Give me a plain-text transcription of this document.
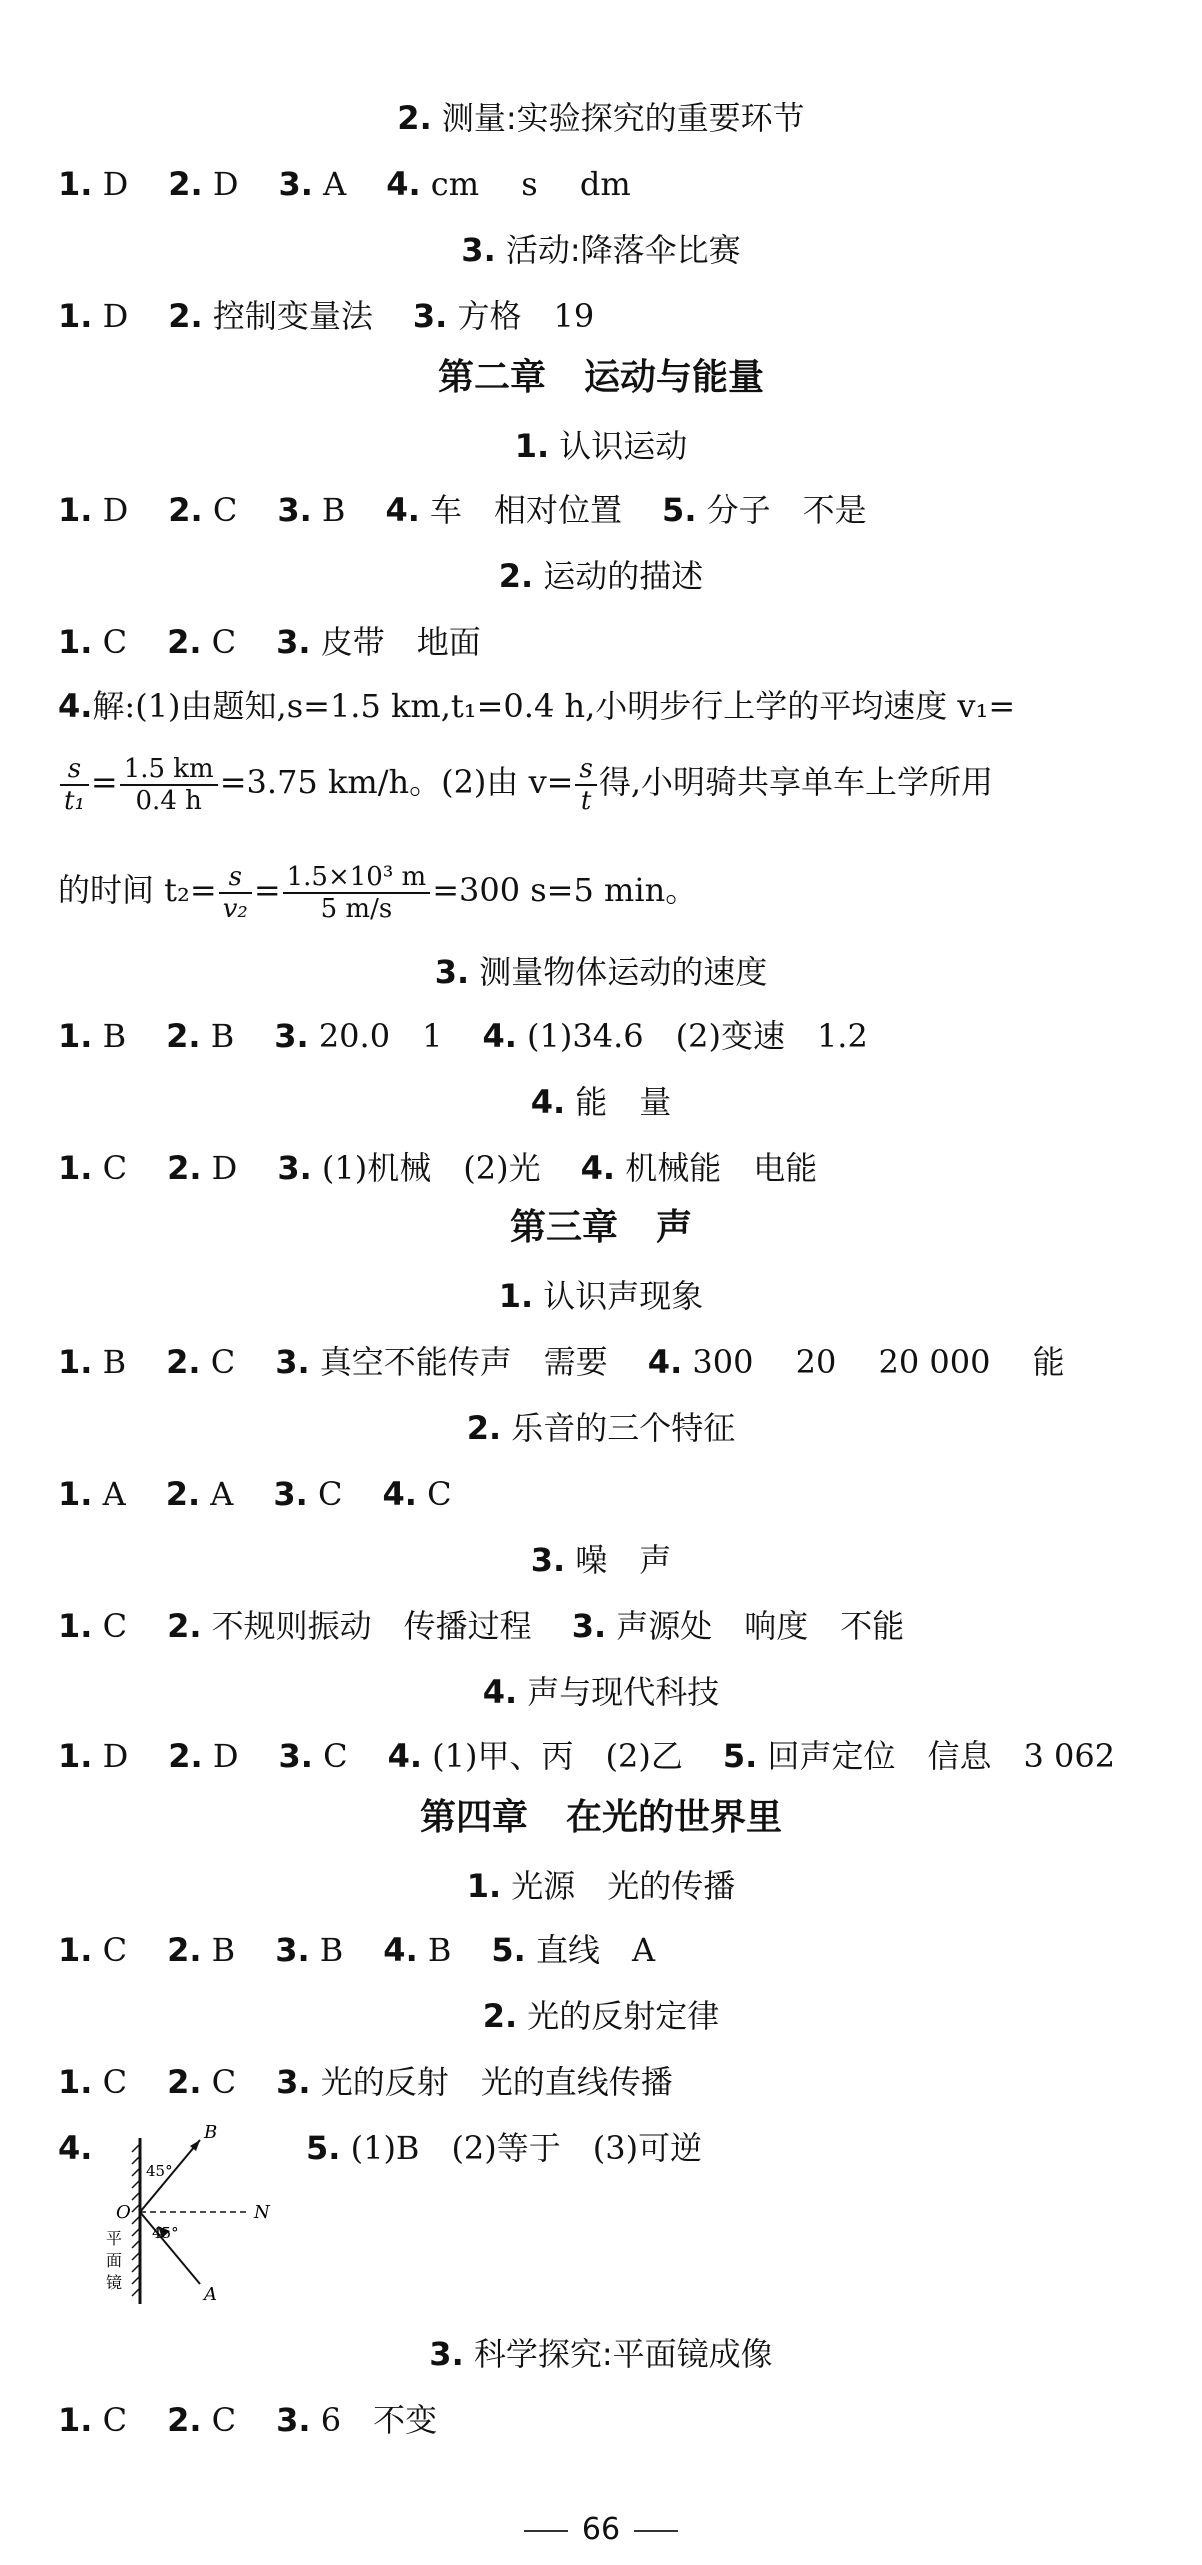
2. 测量:实验探究的重要环节
1. D 2. D 3. A 4. cm　 s　 dm
3. 活动:降落伞比赛
1. D 2. 控制变量法 3. 方格　19
第二章 运动与能量
1. 认识运动
1. D 2. C 3. B 4. 车　相对位置 5. 分子　不是
2. 运动的描述
1. C 2. C 3. 皮带　地面
4.解:(1)由题知,s=1.5 km,t₁=0.4 h,小明步行上学的平均速度 v₁=
$\frac{s}{\text{t₁}} = \frac{1.5 km}{0.4 h} =3.75$ km/h。(2)由 $v= \frac{s}{t}$ 得,小明骑共享单车上学所用
的时间 $t_2= \frac{s}{\text{v₂}} = \frac{\text{1.5×10³ m}}{5 m/s} =300$ s=5 min。
3. 测量物体运动的速度
1. B 2. B 3. 20.0　1 4. (1)34.6　(2)变速　1.2
4. 能　量
1. C 2. D 3. (1)机械　(2)光 4. 机械能　电能
第三章 声
1. 认识声现象
1. B 2. C 3. 真空不能传声　需要 4. 300　 20　 20 000　 能
2. 乐音的三个特征
1. A 2. A 3. C 4. C
3. 噪　声
1. C 2. 不规则振动　传播过程 3. 声源处　响度　不能
4. 声与现代科技
1. D 2. D 3. C 4. (1)甲、丙　(2)乙 5. 回声定位　信息　3 062
第四章 在光的世界里
1. 光源　光的传播
1. C 2. B 3. B 4. B 5. 直线　A
2. 光的反射定律
1. C 2. C 3. 光的反射　光的直线传播
4.	B
N
A
O
45°
45°
平
面
镜
5. (1)B　(2)等于　(3)可逆
3. 科学探究:平面镜成像
1. C 2. C 3. 6　不变
66
